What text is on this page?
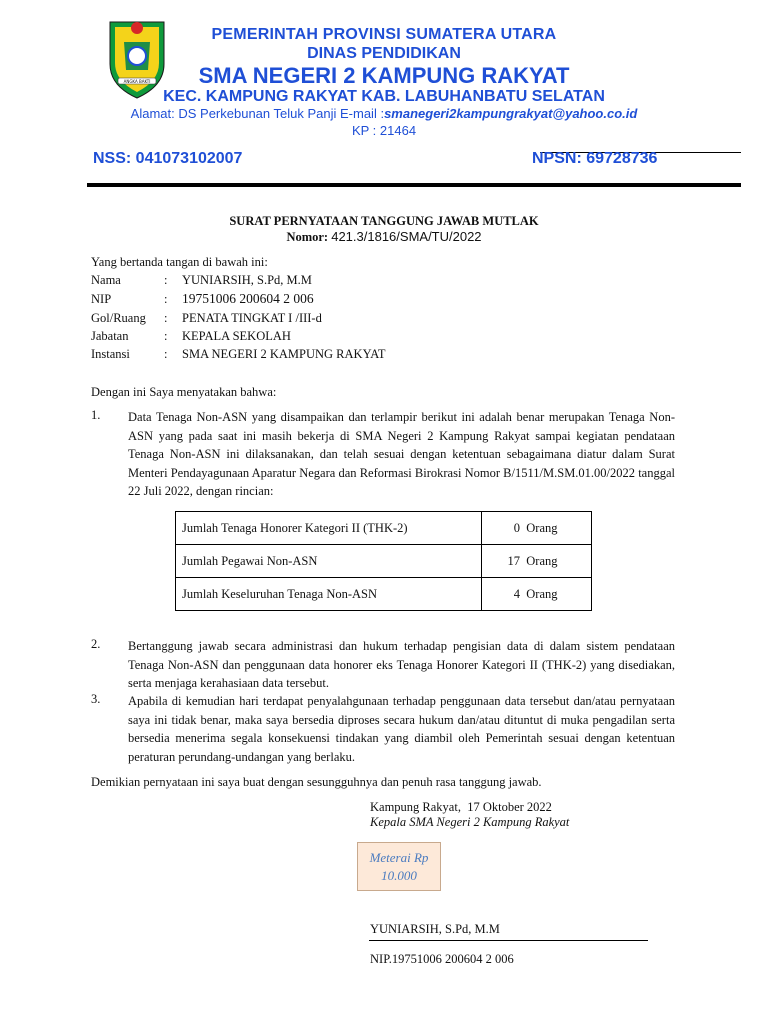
ANGKA BAKTI
PEMERINTAH PROVINSI SUMATERA UTARA
DINAS PENDIDIKAN
SMA NEGERI 2 KAMPUNG RAKYAT
KEC. KAMPUNG RAKYAT KAB. LABUHANBATU SELATAN
Alamat: DS Perkebunan Teluk Panji E-mail :smanegeri2kampungrakyat@yahoo.co.id
KP : 21464
NSS: 041073102007	NPSN: 69728736
SURAT PERNYATAAN TANGGUNG JAWAB MUTLAK
Nomor: 421.3/1816/SMA/TU/2022
Yang bertanda tangan di bawah ini:
Nama	: YUNIARSIH, S.Pd, M.M
NIP	: 19751006 200604 2 006
Gol/Ruang : PENATA TINGKAT I /III-d
Jabatan	: KEPALA SEKOLAH
Instansi	: SMA NEGERI 2 KAMPUNG RAKYAT
Dengan ini Saya menyatakan bahwa:
1. Data Tenaga Non-ASN yang disampaikan dan terlampir berikut ini adalah benar merupakan Tenaga Non-ASN yang pada saat ini masih bekerja di SMA Negeri 2 Kampung Rakyat sampai kegiatan pendataan Tenaga Non-ASN ini dilaksanakan, dan telah sesuai dengan ketentuan sebagaimana diatur dalam Surat Menteri Pendayagunaan Aparatur Negara dan Reformasi Birokrasi Nomor B/1511/M.SM.01.00/2022 tanggal 22 Juli 2022, dengan rincian:
Jumlah Tenaga Honorer Kategori II (THK-2)	0 Orang
Jumlah Pegawai Non-ASN	17 Orang
Jumlah Keseluruhan Tenaga Non-ASN	4 Orang
2. Bertanggung jawab secara administrasi dan hukum terhadap pengisian data di dalam sistem pendataan Tenaga Non-ASN dan penggunaan data honorer eks Tenaga Honorer Kategori II (THK-2) yang disediakan, serta menjaga kerahasiaan data tersebut.
3. Apabila di kemudian hari terdapat penyalahgunaan terhadap penggunaan data tersebut dan/atau pernyataan saya ini tidak benar, maka saya bersedia diproses secara hukum dan/atau dituntut di muka pengadilan serta bersedia menerima segala konsekuensi tindakan yang diambil oleh Pemerintah sesuai dengan ketentuan peraturan perundang-undangan yang berlaku.
Demikian pernyataan ini saya buat dengan sesungguhnya dan penuh rasa tanggung jawab.
Kampung Rakyat,  17 Oktober 2022
Kepala SMA Negeri 2 Kampung Rakyat
Meterai Rp
10.000
YUNIARSIH, S.Pd, M.M
NIP.19751006 200604 2 006
